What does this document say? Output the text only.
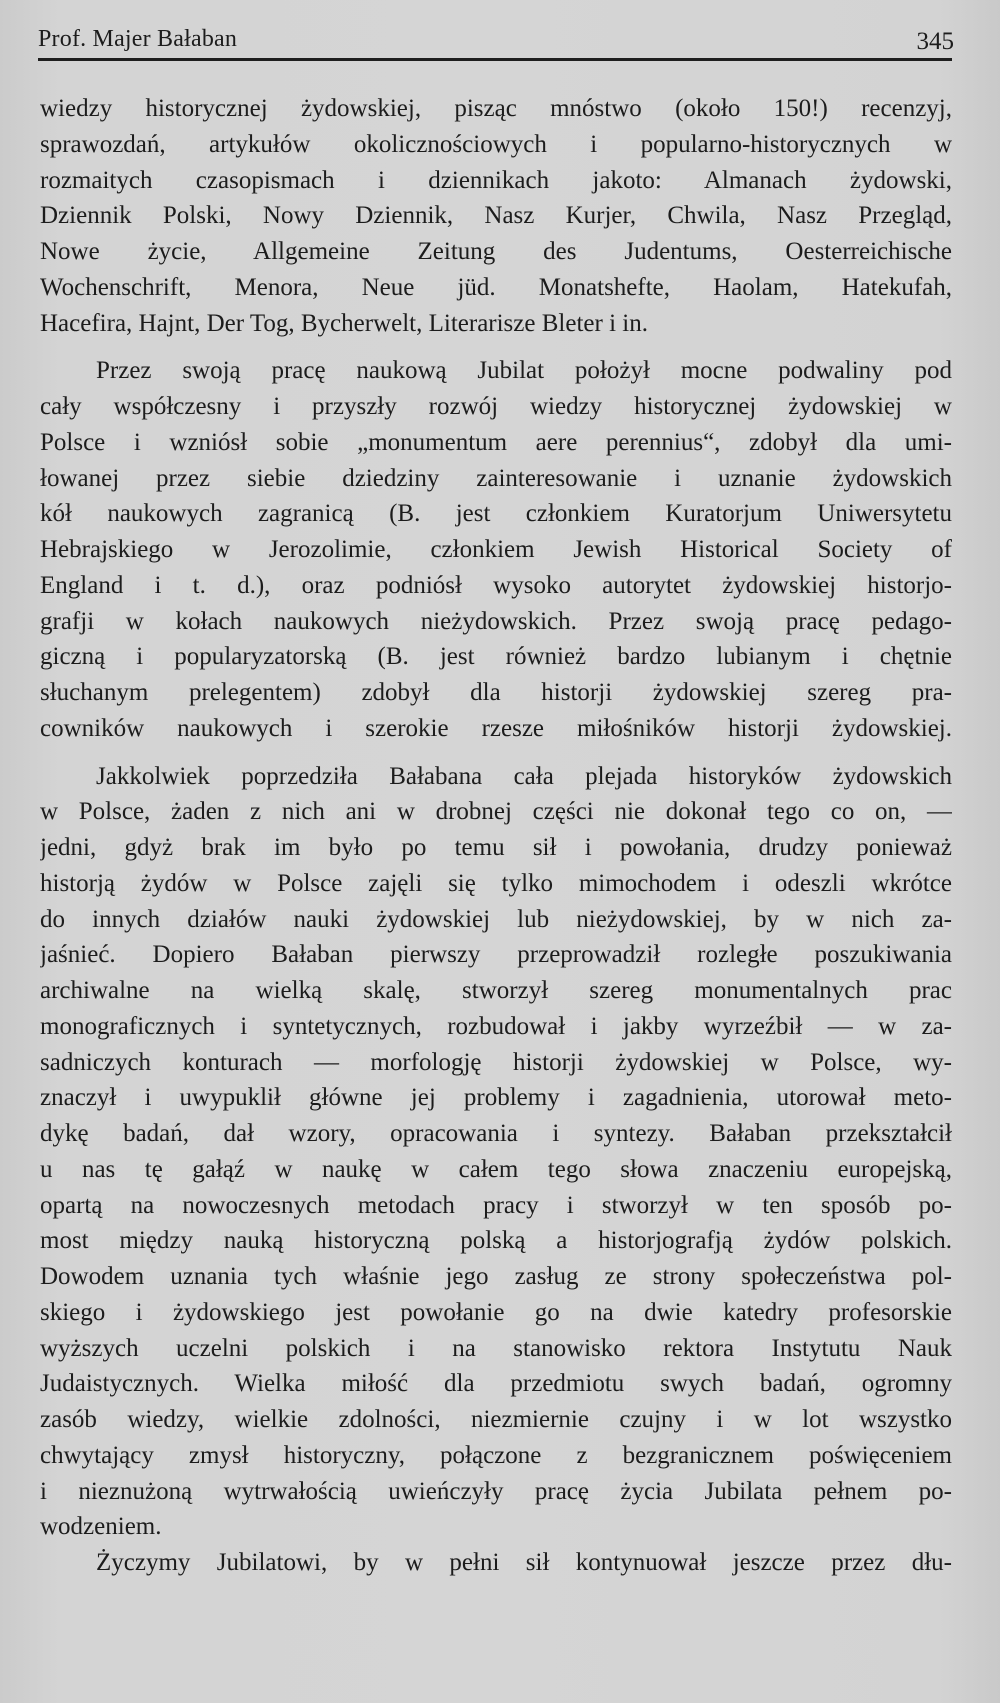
Prof. Majer Bałaban	345
wiedzy historycznej żydowskiej, pisząc mnóstwo (około 150!) recenzyj,
sprawozdań, artykułów okolicznościowych i popularno-historycznych w
rozmaitych czasopismach i dziennikach jakoto: Almanach żydowski,
Dziennik Polski, Nowy Dziennik, Nasz Kurjer, Chwila, Nasz Przegląd,
Nowe życie, Allgemeine Zeitung des Judentums, Oesterreichische
Wochenschrift, Menora, Neue jüd. Monatshefte, Haolam, Hatekufah,
Hacefira, Hajnt, Der Tog, Bycherwelt, Literarisze Bleter i in.
Przez swoją pracę naukową Jubilat położył mocne podwaliny pod
cały współczesny i przyszły rozwój wiedzy historycznej żydowskiej w
Polsce i wzniósł sobie „monumentum aere perennius“, zdobył dla umi-
łowanej przez siebie dziedziny zainteresowanie i uznanie żydowskich
kół naukowych zagranicą (B. jest członkiem Kuratorjum Uniwersytetu
Hebrajskiego w Jerozolimie, członkiem Jewish Historical Society of
England i t. d.), oraz podniósł wysoko autorytet żydowskiej historjo-
grafji w kołach naukowych nieżydowskich. Przez swoją pracę pedago-
giczną i popularyzatorską (B. jest również bardzo lubianym i chętnie
słuchanym prelegentem) zdobył dla historji żydowskiej szereg pra-
cowników naukowych i szerokie rzesze miłośników historji żydowskiej.
Jakkolwiek poprzedziła Bałabana cała plejada historyków żydowskich
w Polsce, żaden z nich ani w drobnej części nie dokonał tego co on, —
jedni, gdyż brak im było po temu sił i powołania, drudzy ponieważ
historją żydów w Polsce zajęli się tylko mimochodem i odeszli wkrótce
do innych działów nauki żydowskiej lub nieżydowskiej, by w nich za-
jaśnieć. Dopiero Bałaban pierwszy przeprowadził rozległe poszukiwania
archiwalne na wielką skalę, stworzył szereg monumentalnych prac
monograficznych i syntetycznych, rozbudował i jakby wyrzeźbił — w za-
sadniczych konturach — morfologję historji żydowskiej w Polsce, wy-
znaczył i uwypuklił główne jej problemy i zagadnienia, utorował meto-
dykę badań, dał wzory, opracowania i syntezy. Bałaban przekształcił
u nas tę gałąź w naukę w całem tego słowa znaczeniu europejską,
opartą na nowoczesnych metodach pracy i stworzył w ten sposób po-
most między nauką historyczną polską a historjografją żydów polskich.
Dowodem uznania tych właśnie jego zasług ze strony społeczeństwa pol-
skiego i żydowskiego jest powołanie go na dwie katedry profesorskie
wyższych uczelni polskich i na stanowisko rektora Instytutu Nauk
Judaistycznych. Wielka miłość dla przedmiotu swych badań, ogromny
zasób wiedzy, wielkie zdolności, niezmiernie czujny i w lot wszystko
chwytający zmysł historyczny, połączone z bezgranicznem poświęceniem
i nieznużoną wytrwałością uwieńczyły pracę życia Jubilata pełnem po-
wodzeniem.
Życzymy Jubilatowi, by w pełni sił kontynuował jeszcze przez dłu-
